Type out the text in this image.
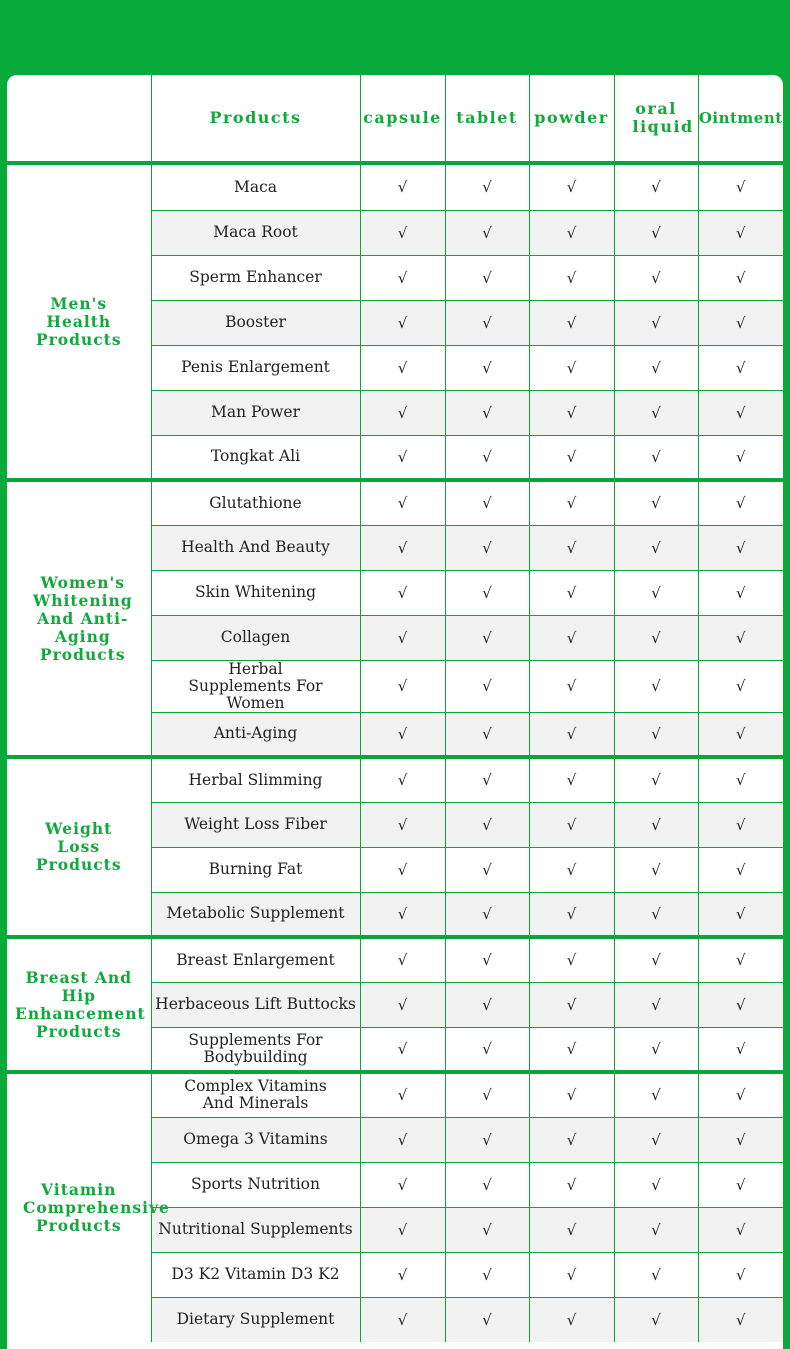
	Products	capsule	tablet	powder	oral liquid	Ointment
Men's Health Products	Maca	√	√	√	√	√
	Maca Root	√	√	√	√	√
	Sperm Enhancer	√	√	√	√	√
	Booster	√	√	√	√	√
	Penis Enlargement	√	√	√	√	√
	Man Power	√	√	√	√	√
	Tongkat Ali	√	√	√	√	√
Women's Whitening And Anti-Aging Products	Glutathione	√	√	√	√	√
	Health And Beauty	√	√	√	√	√
	Skin Whitening	√	√	√	√	√
	Collagen	√	√	√	√	√
	Herbal Supplements For Women	√	√	√	√	√
	Anti-Aging	√	√	√	√	√
Weight Loss Products	Herbal Slimming	√	√	√	√	√
	Weight Loss Fiber	√	√	√	√	√
	Burning Fat	√	√	√	√	√
	Metabolic Supplement	√	√	√	√	√
Breast And Hip Enhancement Products	Breast Enlargement	√	√	√	√	√
	Herbaceous Lift Buttocks	√	√	√	√	√
	Supplements For Bodybuilding	√	√	√	√	√
Vitamin Comprehensive Products	Complex Vitamins And Minerals	√	√	√	√	√
	Omega 3 Vitamins	√	√	√	√	√
	Sports Nutrition	√	√	√	√	√
	Nutritional Supplements	√	√	√	√	√
	D3 K2 Vitamin D3 K2	√	√	√	√	√
	Dietary Supplement	√	√	√	√	√
